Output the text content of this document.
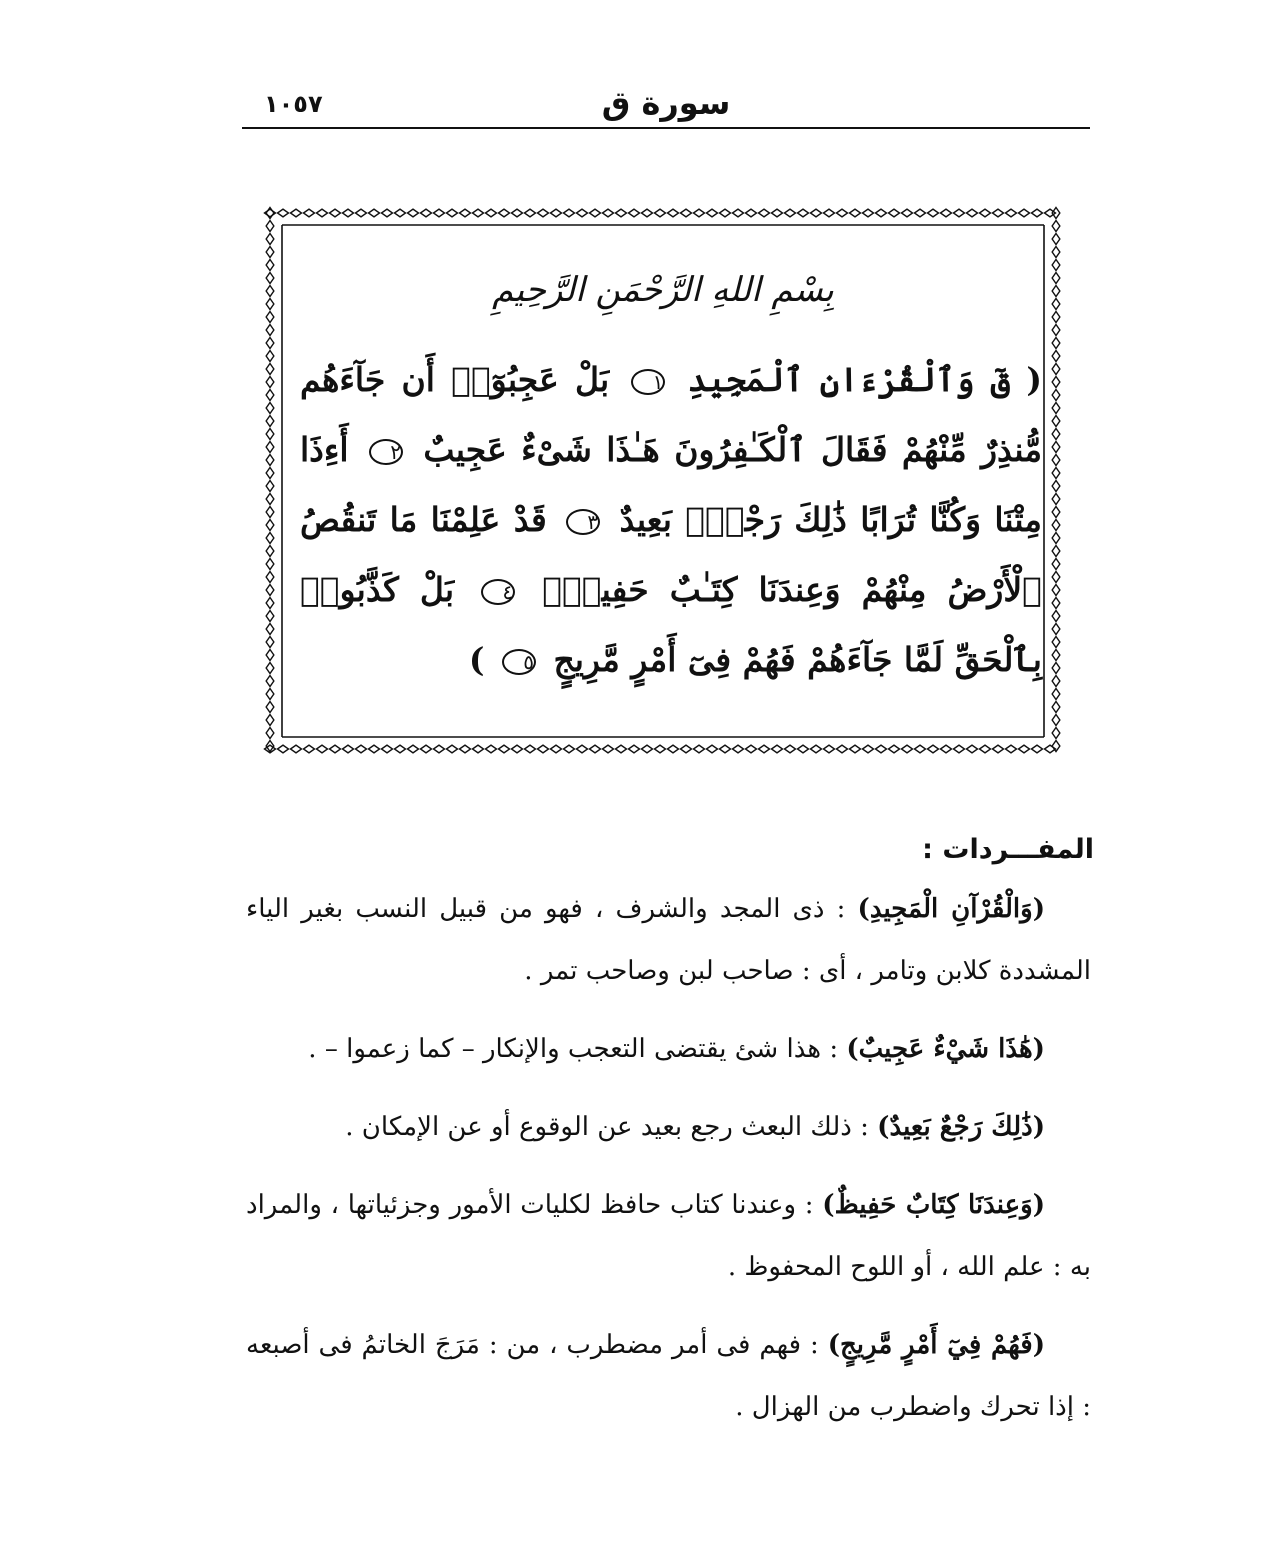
١٠٥٧	سورة ق
بِسْمِ اللهِ الرَّحْمَنِ الرَّحِيمِ
( قٓ وَٱلْقُرْءَانِ ٱلْمَجِيدِ ١ بَلْ عَجِبُوٓا۟ أَن جَآءَهُم مُّنذِرٌ مِّنْهُمْ فَقَالَ ٱلْكَـٰفِرُونَ هَـٰذَا شَىْءٌ عَجِيبٌ ٢ أَءِذَا مِتْنَا وَكُنَّا تُرَابًا ذَٰلِكَ رَجْعٌۢ بَعِيدٌ ٣ قَدْ عَلِمْنَا مَا تَنقُصُ ٱلْأَرْضُ مِنْهُمْ وَعِندَنَا كِتَـٰبٌ حَفِيظٌۢ ٤ بَلْ كَذَّبُوا۟ بِٱلْحَقِّ لَمَّا جَآءَهُمْ فَهُمْ فِىٓ أَمْرٍ مَّرِيجٍ ٥ )
المفـــردات :

(وَالْقُرْآنِ الْمَجِيدِ) : ذى المجد والشرف ، فهو من قبيل النسب بغير الياء المشددة كلابن وتامر ، أى : صاحب لبن وصاحب تمر .

(هَٰذَا شَيْءٌ عَجِيبٌ) : هذا شئ يقتضى التعجب والإنكار – كما زعموا – .

(ذَٰلِكَ رَجْعٌ بَعِيدٌ) : ذلك البعث رجع بعيد عن الوقوع أو عن الإمكان .

(وَعِندَنَا كِتَابٌ حَفِيظٌ) : وعندنا كتاب حافظ لكليات الأمور وجزئياتها ، والمراد به : علم الله ، أو اللوح المحفوظ .

(فَهُمْ فِيٓ أَمْرٍ مَّرِيجٍ) : فهم فى أمر مضطرب ، من : مَرَجَ الخاتمُ فى أصبعه : إذا تحرك واضطرب من الهزال .
